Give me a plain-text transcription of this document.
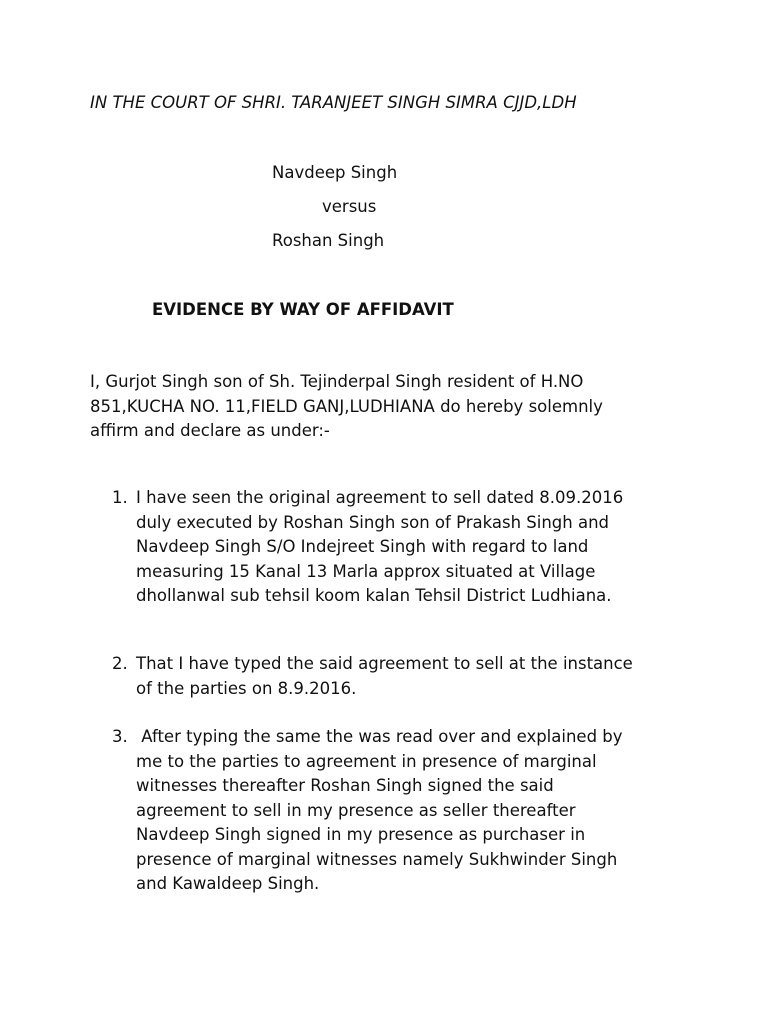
IN THE COURT OF SHRI. TARANJEET SINGH SIMRA CJJD,LDH
Navdeep Singh
versus
Roshan Singh
EVIDENCE BY WAY OF AFFIDAVIT
I, Gurjot Singh son of Sh. Tejinderpal Singh resident of H.NO
851,KUCHA NO. 11,FIELD GANJ,LUDHIANA do hereby solemnly
affirm and declare as under:-
1. I have seen the original agreement to sell dated 8.09.2016
duly executed by Roshan Singh son of Prakash Singh and
Navdeep Singh S/O Indejreet Singh with regard to land
measuring 15 Kanal 13 Marla approx situated at Village
dhollanwal sub tehsil koom kalan Tehsil District Ludhiana.
2. That I have typed the said agreement to sell at the instance
of the parties on 8.9.2016.
3. After typing the same the was read over and explained by
me to the parties to agreement in presence of marginal
witnesses thereafter Roshan Singh signed the said
agreement to sell in my presence as seller thereafter
Navdeep Singh signed in my presence as purchaser in
presence of marginal witnesses namely Sukhwinder Singh
and Kawaldeep Singh.
